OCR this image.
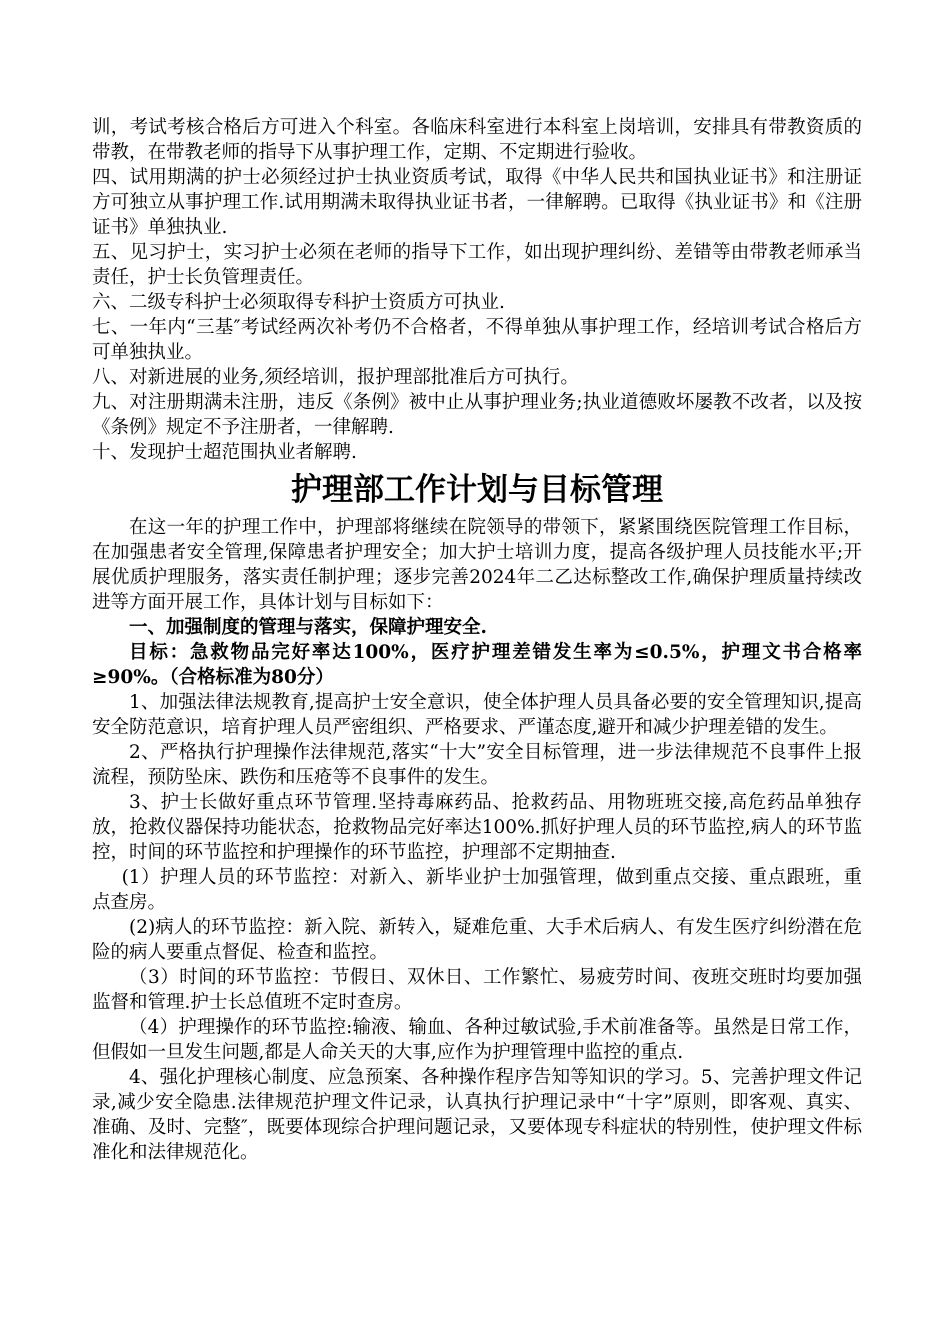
训，考试考核合格后方可进入个科室。各临床科室进行本科室上岗培训，安排具有带教资质的带教，在带教老师的指导下从事护理工作，定期、不定期进行验收。

四、试用期满的护士必须经过护士执业资质考试，取得《中华人民共和国执业证书》和注册证方可独立从事护理工作.试用期满未取得执业证书者，一律解聘。已取得《执业证书》和《注册证书》单独执业.

五、见习护士，实习护士必须在老师的指导下工作，如出现护理纠纷、差错等由带教老师承当责任，护士长负管理责任。

六、二级专科护士必须取得专科护士资质方可执业.

七、一年内“三基″考试经两次补考仍不合格者，不得单独从事护理工作，经培训考试合格后方可单独执业。

八、对新进展的业务,须经培训，报护理部批准后方可执行。

九、对注册期满未注册，违反《条例》被中止从事护理业务;执业道德败坏屡教不改者，以及按《条例》规定不予注册者，一律解聘.

十、发现护士超范围执业者解聘.

护理部工作计划与目标管理

在这一年的护理工作中，护理部将继续在院领导的带领下，紧紧围绕医院管理工作目标，在加强患者安全管理,保障患者护理安全；加大护士培训力度，提高各级护理人员技能水平;开展优质护理服务，落实责任制护理；逐步完善2024年二乙达标整改工作,确保护理质量持续改进等方面开展工作，具体计划与目标如下：

一、加强制度的管理与落实，保障护理安全.

目标：急救物品完好率达100%，医疗护理差错发生率为≤0.5%，护理文书合格率≥90%。（合格标准为80分）

1、加强法律法规教育,提高护士安全意识，使全体护理人员具备必要的安全管理知识,提高安全防范意识，培育护理人员严密组织、严格要求、严谨态度,避开和减少护理差错的发生。

2、严格执行护理操作法律规范,落实“十大”安全目标管理，进一步法律规范不良事件上报流程，预防坠床、跌伤和压疮等不良事件的发生。

3、护士长做好重点环节管理.坚持毒麻药品、抢救药品、用物班班交接,高危药品单独存放，抢救仪器保持功能状态，抢救物品完好率达100%.抓好护理人员的环节监控,病人的环节监控，时间的环节监控和护理操作的环节监控，护理部不定期抽查.

(1）护理人员的环节监控：对新入、新毕业护士加强管理，做到重点交接、重点跟班，重点查房。

(2)病人的环节监控：新入院、新转入，疑难危重、大手术后病人、有发生医疗纠纷潜在危险的病人要重点督促、检查和监控。

（3）时间的环节监控：节假日、双休日、工作繁忙、易疲劳时间、夜班交班时均要加强监督和管理.护士长总值班不定时查房。

（4）护理操作的环节监控:输液、输血、各种过敏试验,手术前准备等。虽然是日常工作，但假如一旦发生问题,都是人命关天的大事,应作为护理管理中监控的重点.

4、强化护理核心制度、应急预案、各种操作程序告知等知识的学习。5、完善护理文件记录,减少安全隐患.法律规范护理文件记录，认真执行护理记录中“十字”原则，即客观、真实、准确、及时、完整″，既要体现综合护理问题记录，又要体现专科症状的特别性，使护理文件标准化和法律规范化。
